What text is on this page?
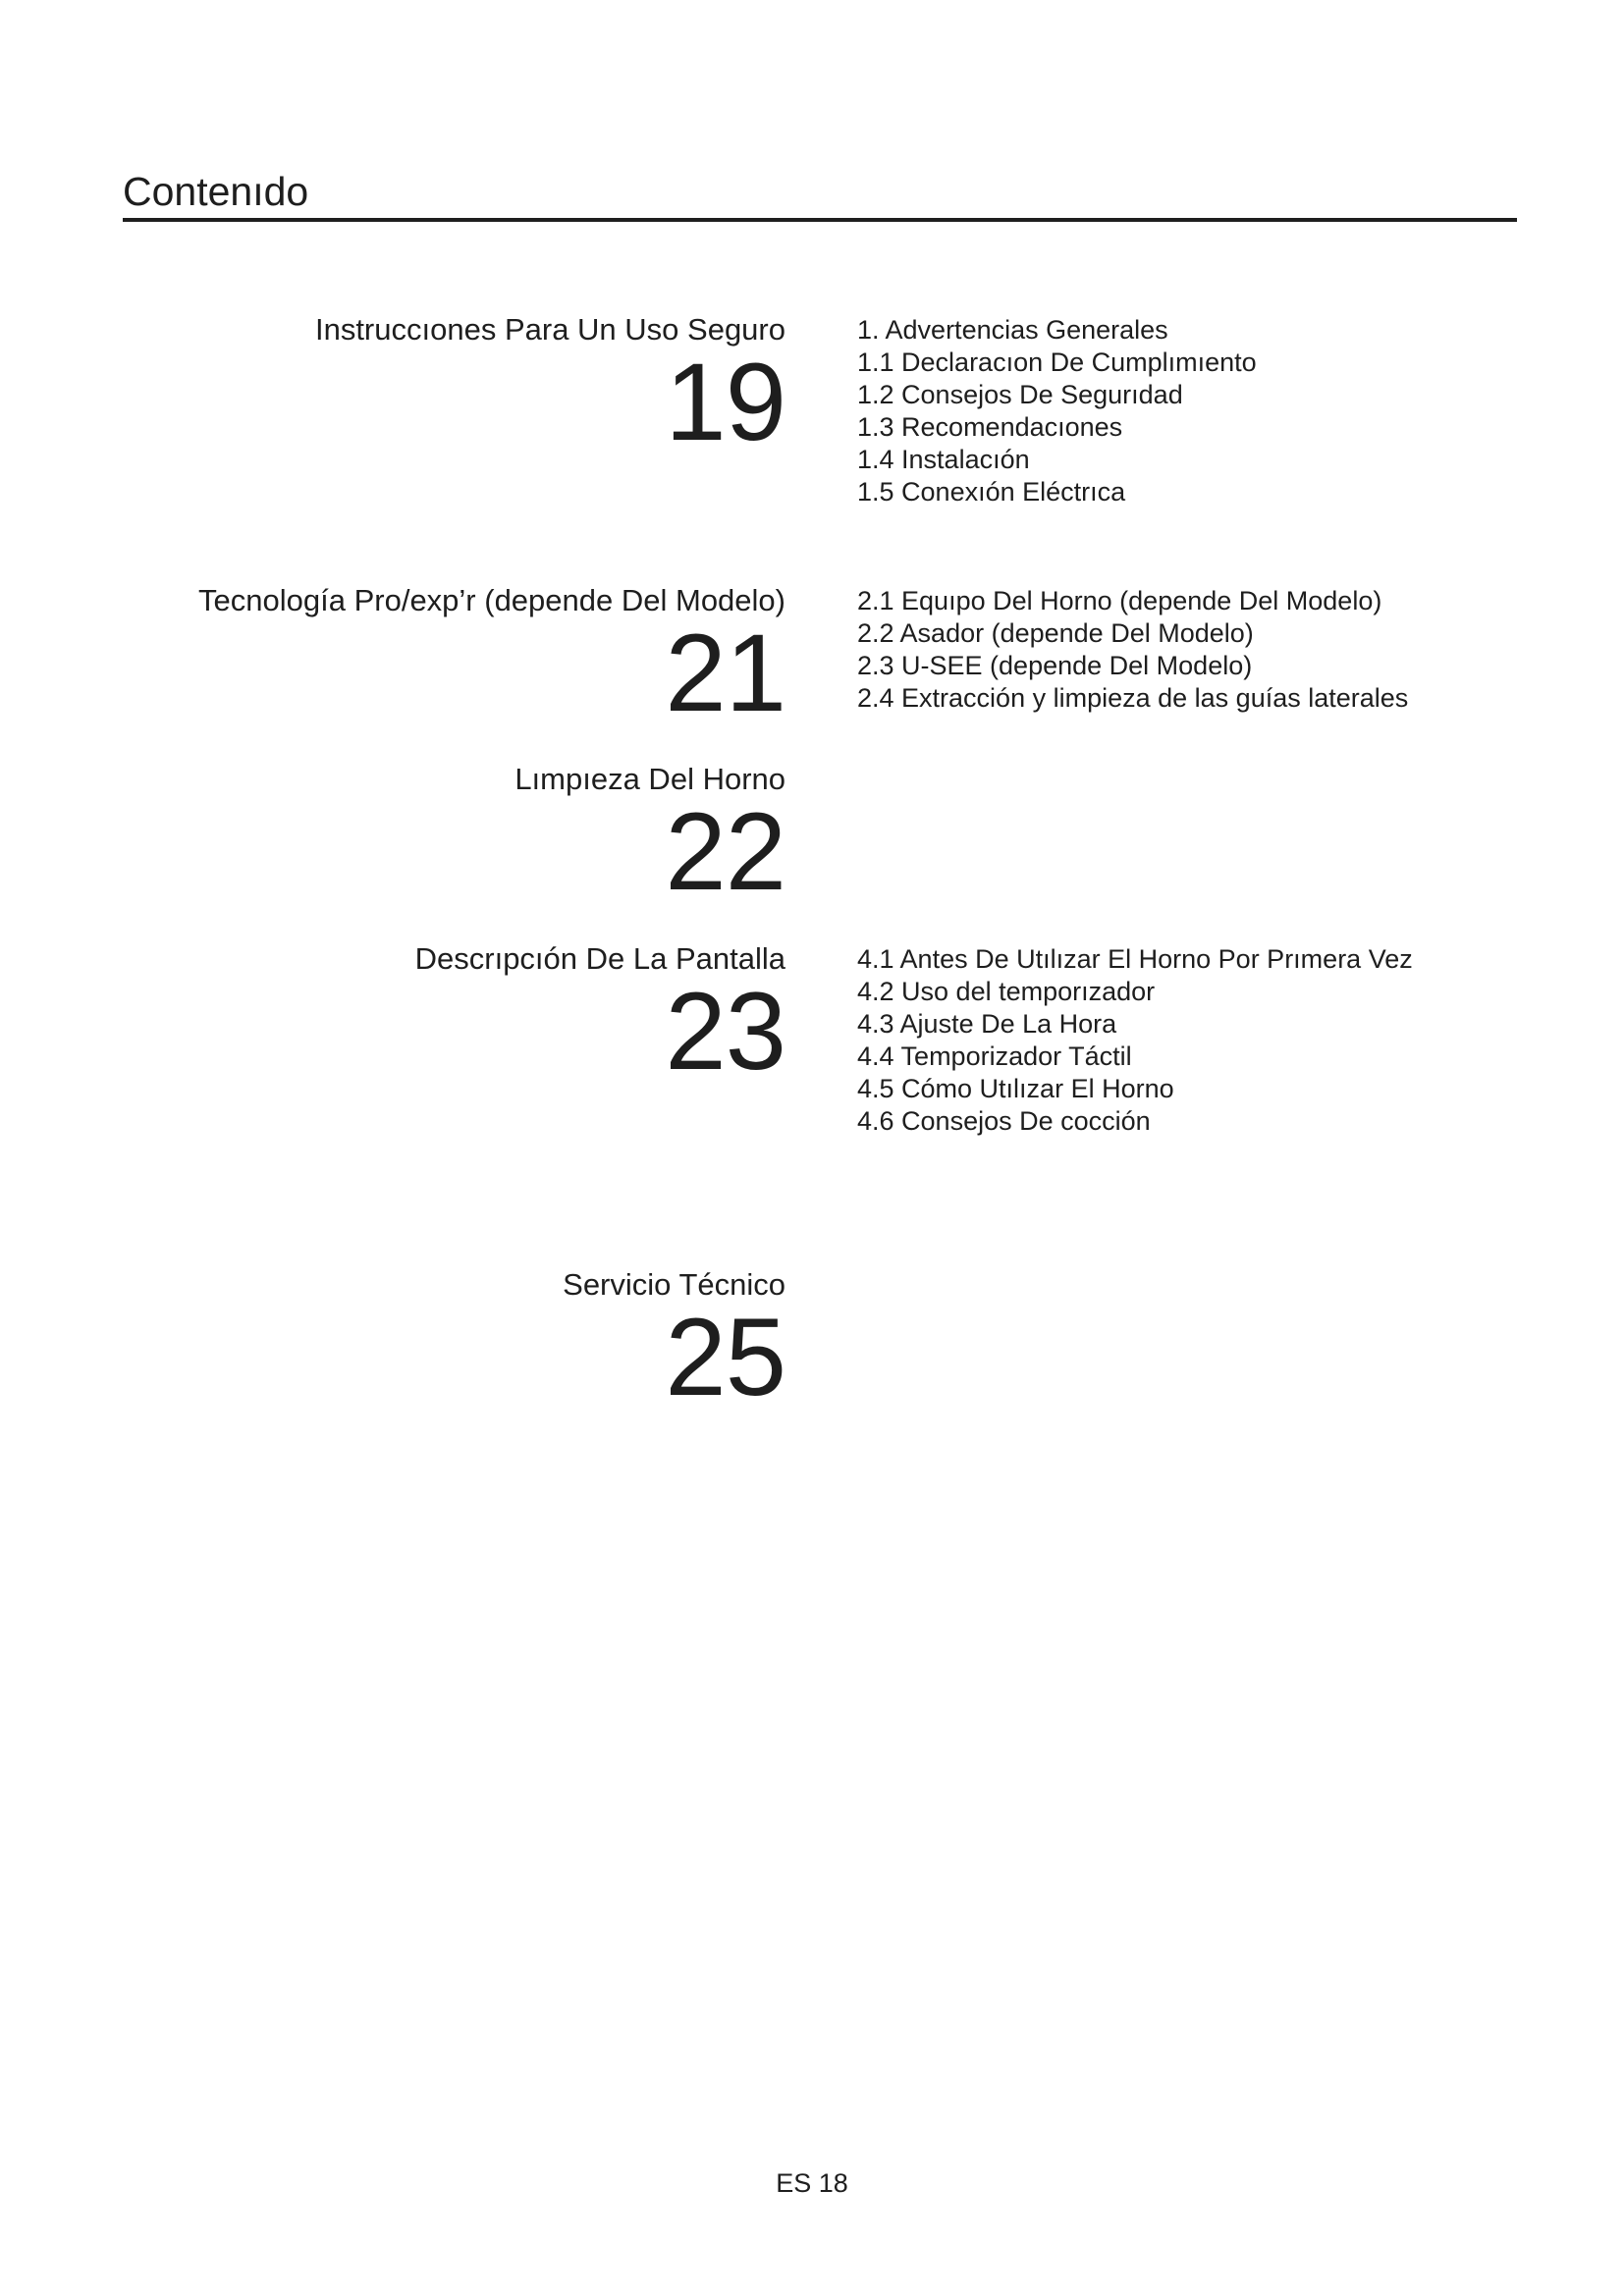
Contenıdo
Instruccıones Para Un Uso Seguro
19
1. Advertencias Generales
1.1 Declaracıon De Cumplımıento
1.2 Consejos De Segurıdad
1.3 Recomendacıones
1.4 Instalacıón
1.5 Conexıón Eléctrıca
Tecnología Pro/exp’r (depende Del Modelo)
21
2.1 Equıpo Del Horno (depende Del Modelo)
2.2 Asador (depende Del Modelo)
2.3 U-SEE (depende Del Modelo)
2.4 Extracción y limpieza de las guías laterales
Lımpıeza Del Horno
22
Descrıpcıón De La Pantalla
23
4.1 Antes De Utılızar El Horno Por Prımera Vez
4.2 Uso del temporızador
4.3 Ajuste De La Hora
4.4 Temporizador Táctil
4.5 Cómo Utılızar El Horno
4.6 Consejos De cocción
Servicio Técnico
25
ES 18
